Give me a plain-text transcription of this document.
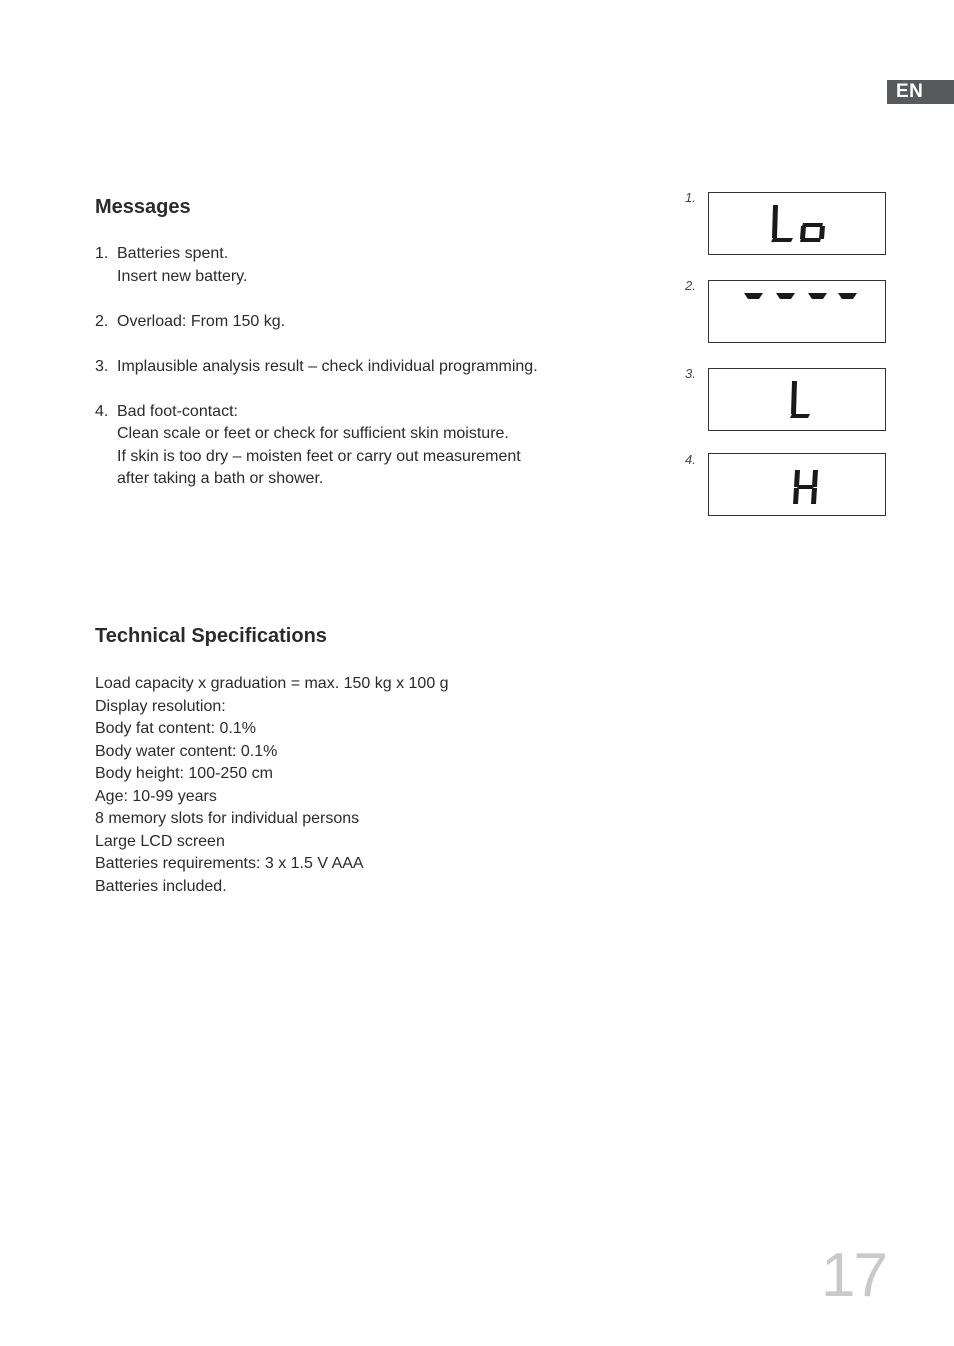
EN
Messages
1. Batteries spent.
Insert new battery.
2. Overload: From 150 kg.
3. Implausible analysis result – check individual programming.
4. Bad foot-contact:
Clean scale or feet or check for sufficient skin moisture.
If skin is too dry – moisten feet or carry out measurement
after taking a bath or shower.
1.
2.
3.
4.
Technical Specifications
Load capacity x graduation = max. 150 kg x 100 g
Display resolution:
Body fat content: 0.1%
Body water content: 0.1%
Body height: 100-250 cm
Age: 10-99 years
8 memory slots for individual persons
Large LCD screen
Batteries requirements: 3 x 1.5 V AAA
Batteries included.
17
